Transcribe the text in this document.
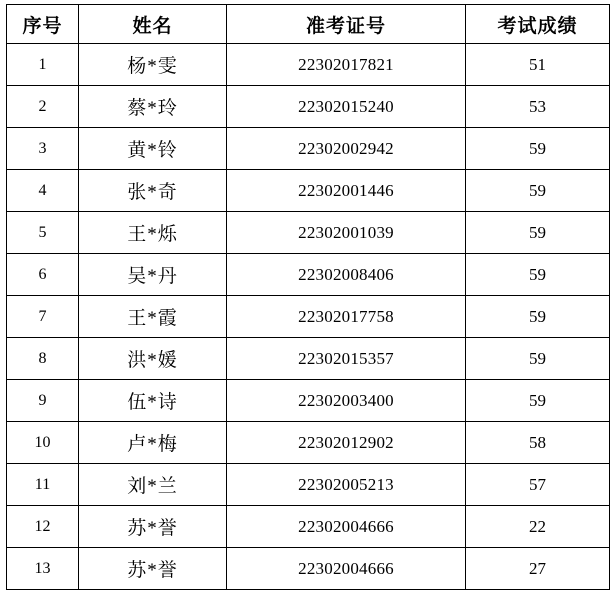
序号	姓名	准考证号	考试成绩
1	杨*雯	22302017821	51
2	蔡*玲	22302015240	53
3	黄*铃	22302002942	59
4	张*奇	22302001446	59
5	王*烁	22302001039	59
6	吴*丹	22302008406	59
7	王*霞	22302017758	59
8	洪*媛	22302015357	59
9	伍*诗	22302003400	59
10	卢*梅	22302012902	58
11	刘*兰	22302005213	57
12	苏*誉	22302004666	22
13	苏*誉	22302004666	27
